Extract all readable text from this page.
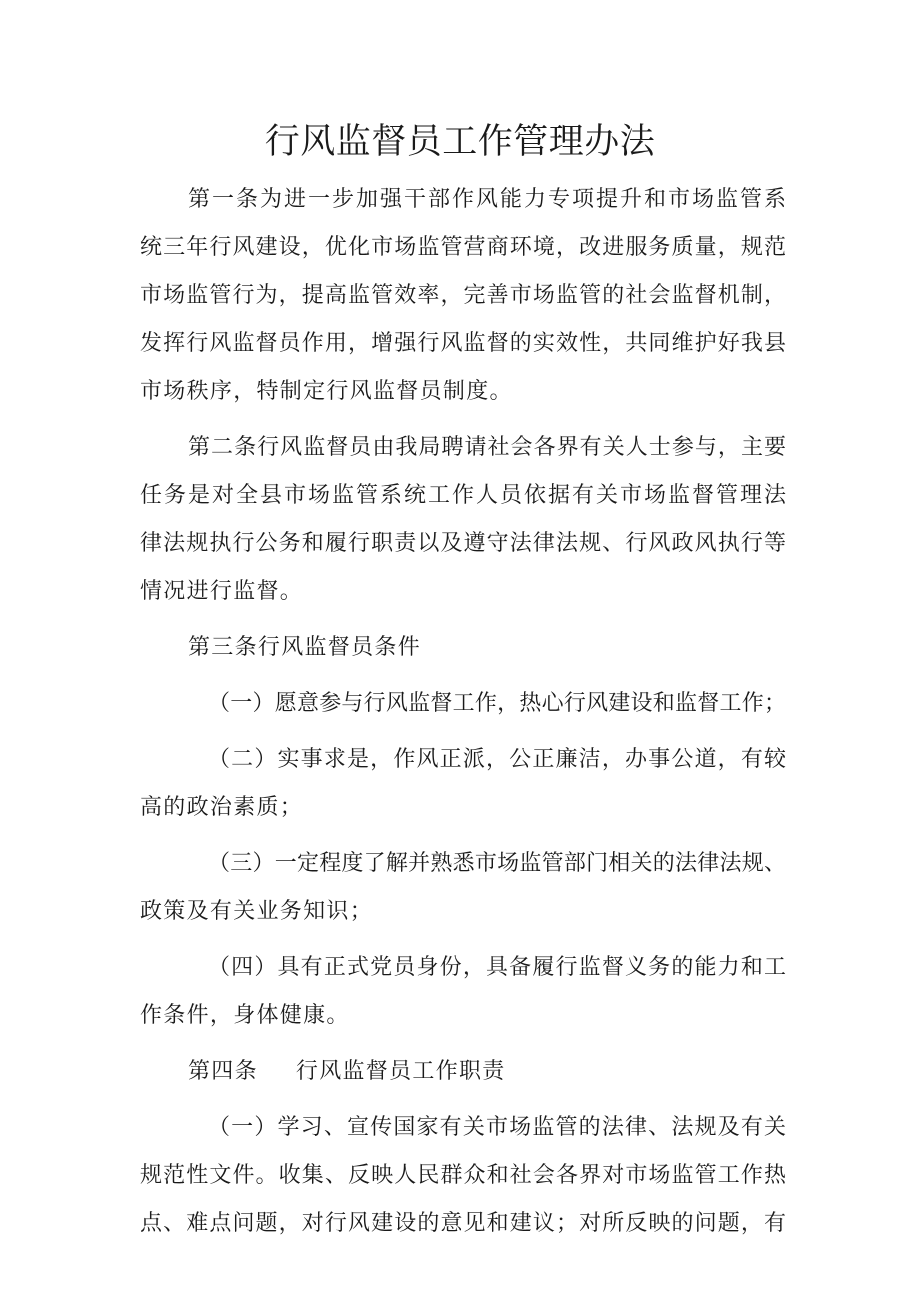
行风监督员工作管理办法
第一条为进一步加强干部作风能力专项提升和市场监管系
统三年行风建设，优化市场监管营商环境，改进服务质量，规范
市场监管行为，提高监管效率，完善市场监管的社会监督机制，
发挥行风监督员作用，增强行风监督的实效性，共同维护好我县
市场秩序，特制定行风监督员制度。
第二条行风监督员由我局聘请社会各界有关人士参与，主要
任务是对全县市场监管系统工作人员依据有关市场监督管理法
律法规执行公务和履行职责以及遵守法律法规、行风政风执行等
情况进行监督。
第三条行风监督员条件
（一）愿意参与行风监督工作，热心行风建设和监督工作；
（二）实事求是，作风正派，公正廉洁，办事公道，有较
高的政治素质；
（三）一定程度了解并熟悉市场监管部门相关的法律法规、
政策及有关业务知识；
（四）具有正式党员身份，具备履行监督义务的能力和工
作条件，身体健康。
第四条 行风监督员工作职责
（一）学习、宣传国家有关市场监管的法律、法规及有关
规范性文件。收集、反映人民群众和社会各界对市场监管工作热
点、难点问题，对行风建设的意见和建议；对所反映的问题，有
